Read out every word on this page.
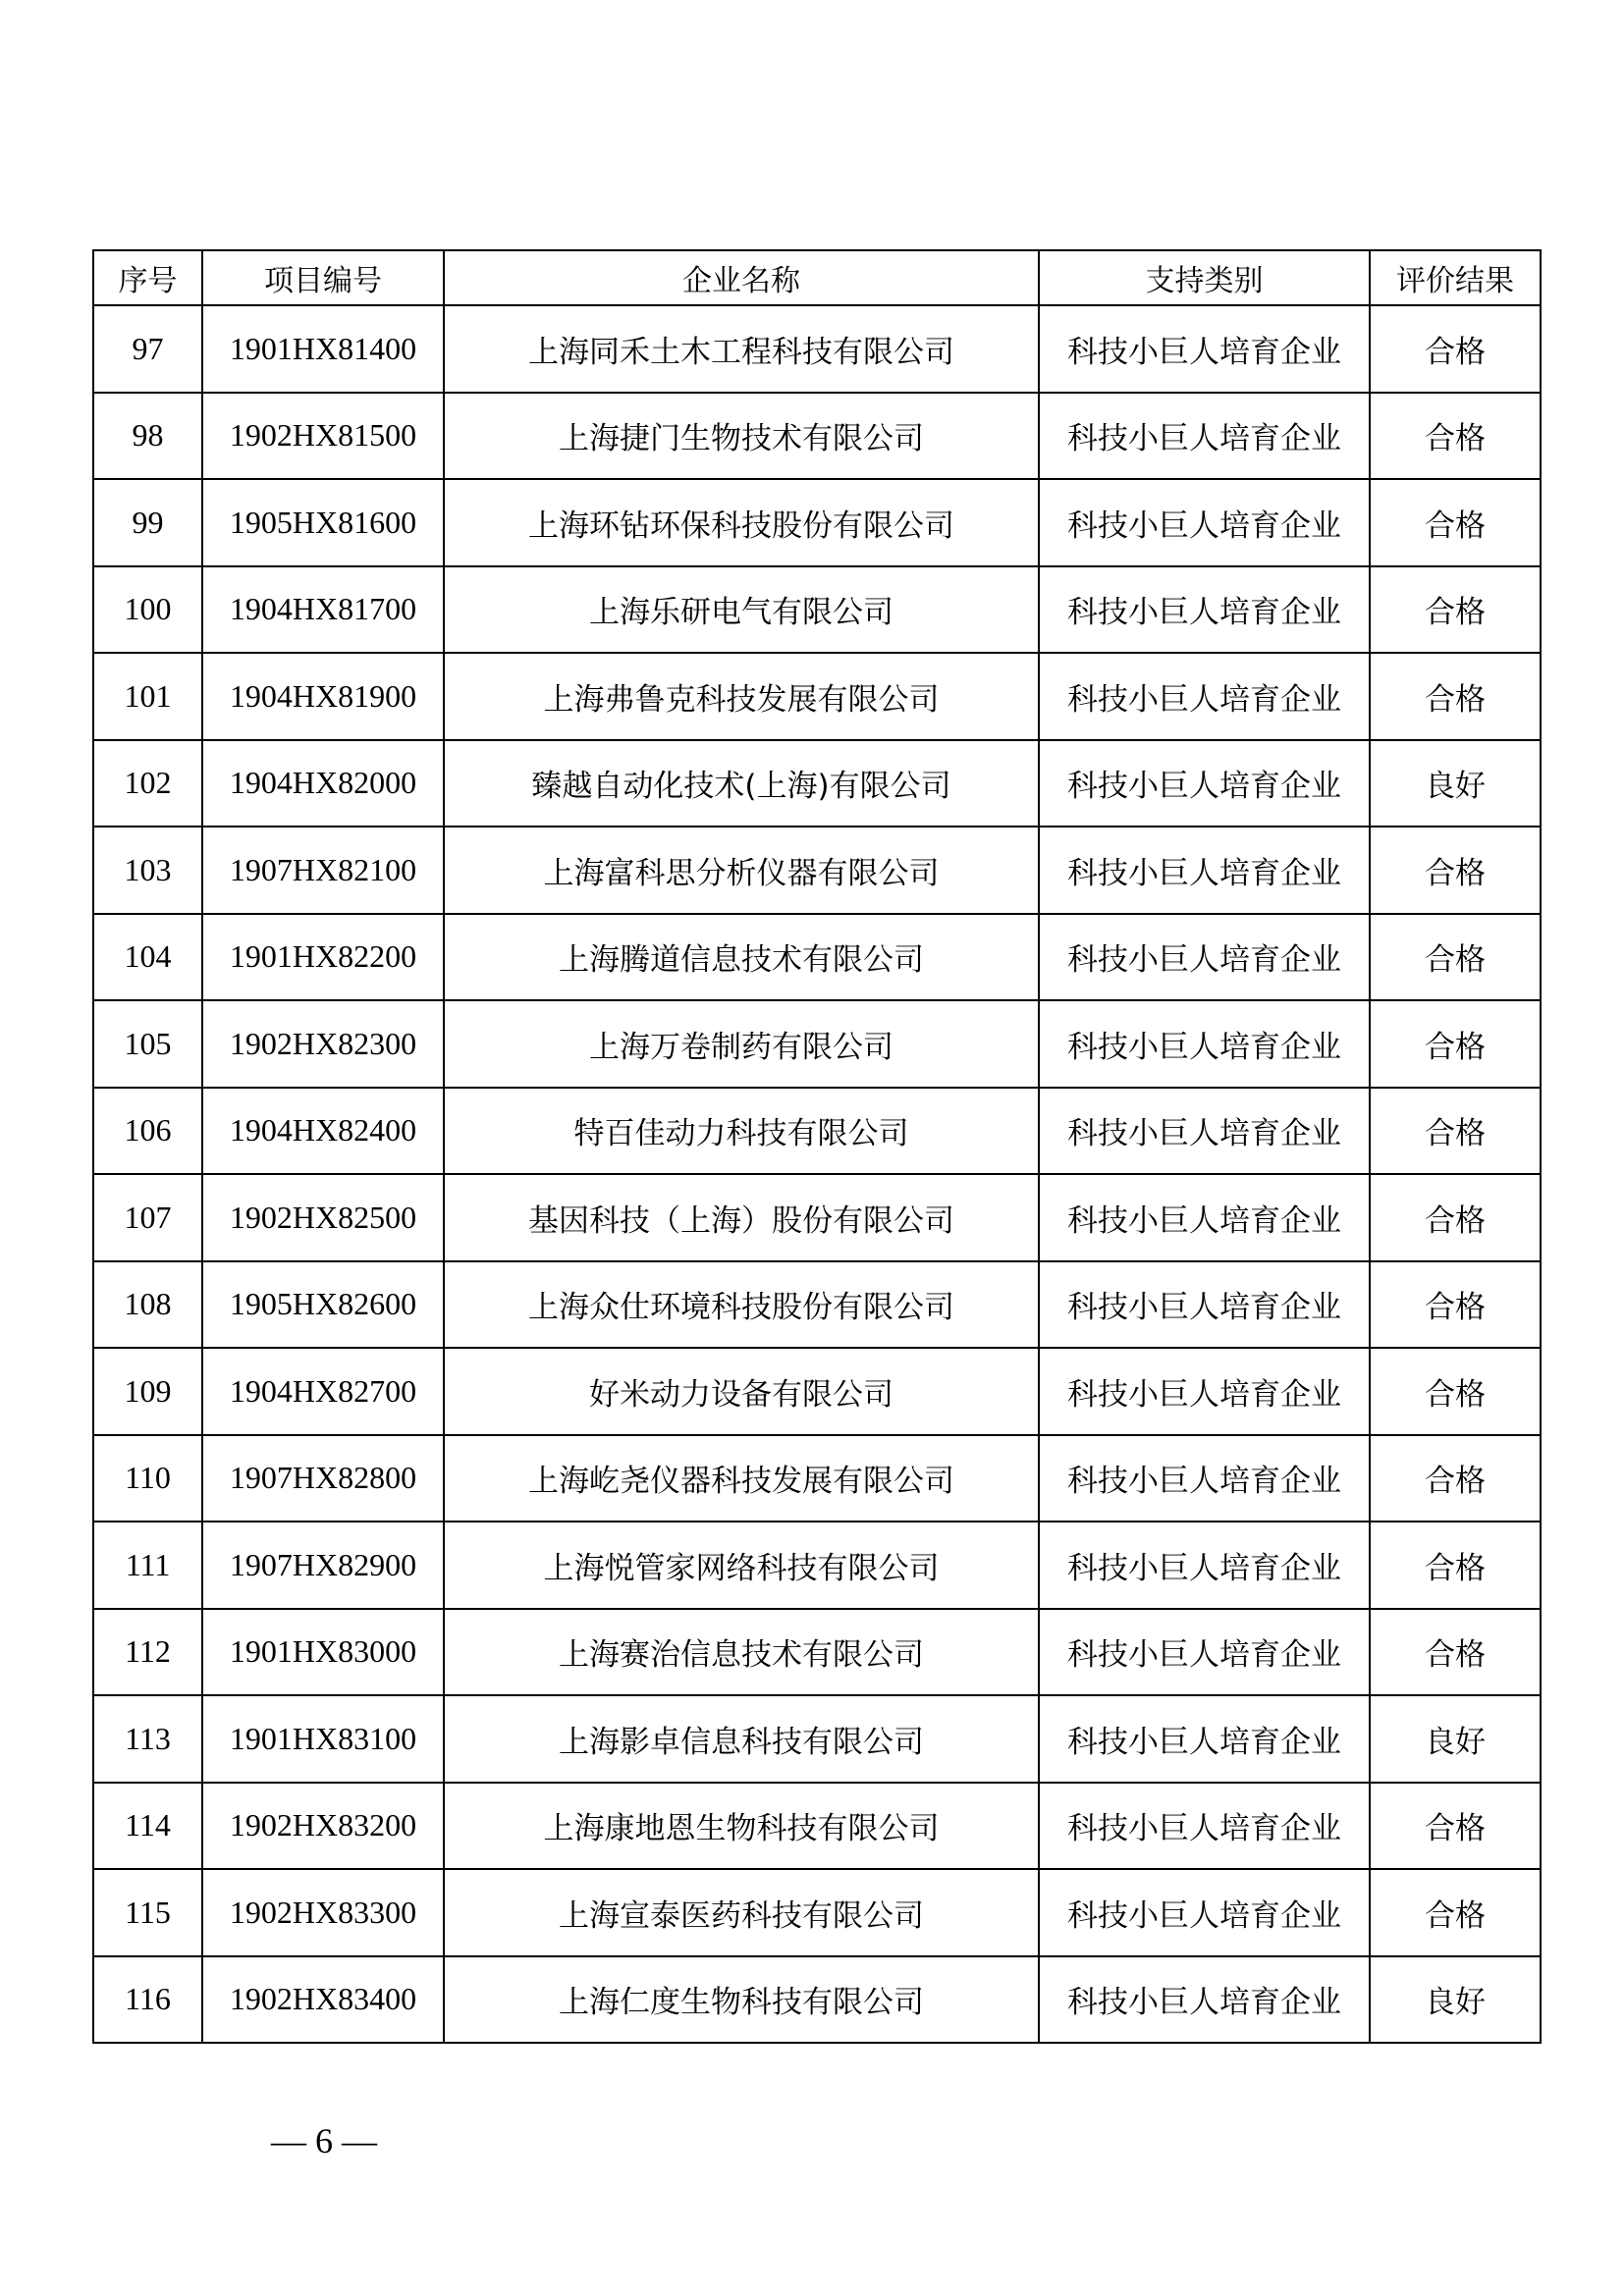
序号	项目编号	企业名称	支持类别	评价结果
97	1901HX81400	上海同禾土木工程科技有限公司	科技小巨人培育企业	合格
98	1902HX81500	上海捷门生物技术有限公司	科技小巨人培育企业	合格
99	1905HX81600	上海环钻环保科技股份有限公司	科技小巨人培育企业	合格
100	1904HX81700	上海乐研电气有限公司	科技小巨人培育企业	合格
101	1904HX81900	上海弗鲁克科技发展有限公司	科技小巨人培育企业	合格
102	1904HX82000	臻越自动化技术(上海)有限公司	科技小巨人培育企业	良好
103	1907HX82100	上海富科思分析仪器有限公司	科技小巨人培育企业	合格
104	1901HX82200	上海腾道信息技术有限公司	科技小巨人培育企业	合格
105	1902HX82300	上海万卷制药有限公司	科技小巨人培育企业	合格
106	1904HX82400	特百佳动力科技有限公司	科技小巨人培育企业	合格
107	1902HX82500	基因科技（上海）股份有限公司	科技小巨人培育企业	合格
108	1905HX82600	上海众仕环境科技股份有限公司	科技小巨人培育企业	合格
109	1904HX82700	好米动力设备有限公司	科技小巨人培育企业	合格
110	1907HX82800	上海屹尧仪器科技发展有限公司	科技小巨人培育企业	合格
111	1907HX82900	上海悦管家网络科技有限公司	科技小巨人培育企业	合格
112	1901HX83000	上海赛治信息技术有限公司	科技小巨人培育企业	合格
113	1901HX83100	上海影卓信息科技有限公司	科技小巨人培育企业	良好
114	1902HX83200	上海康地恩生物科技有限公司	科技小巨人培育企业	合格
115	1902HX83300	上海宣泰医药科技有限公司	科技小巨人培育企业	合格
116	1902HX83400	上海仁度生物科技有限公司	科技小巨人培育企业	良好
— 6 —
